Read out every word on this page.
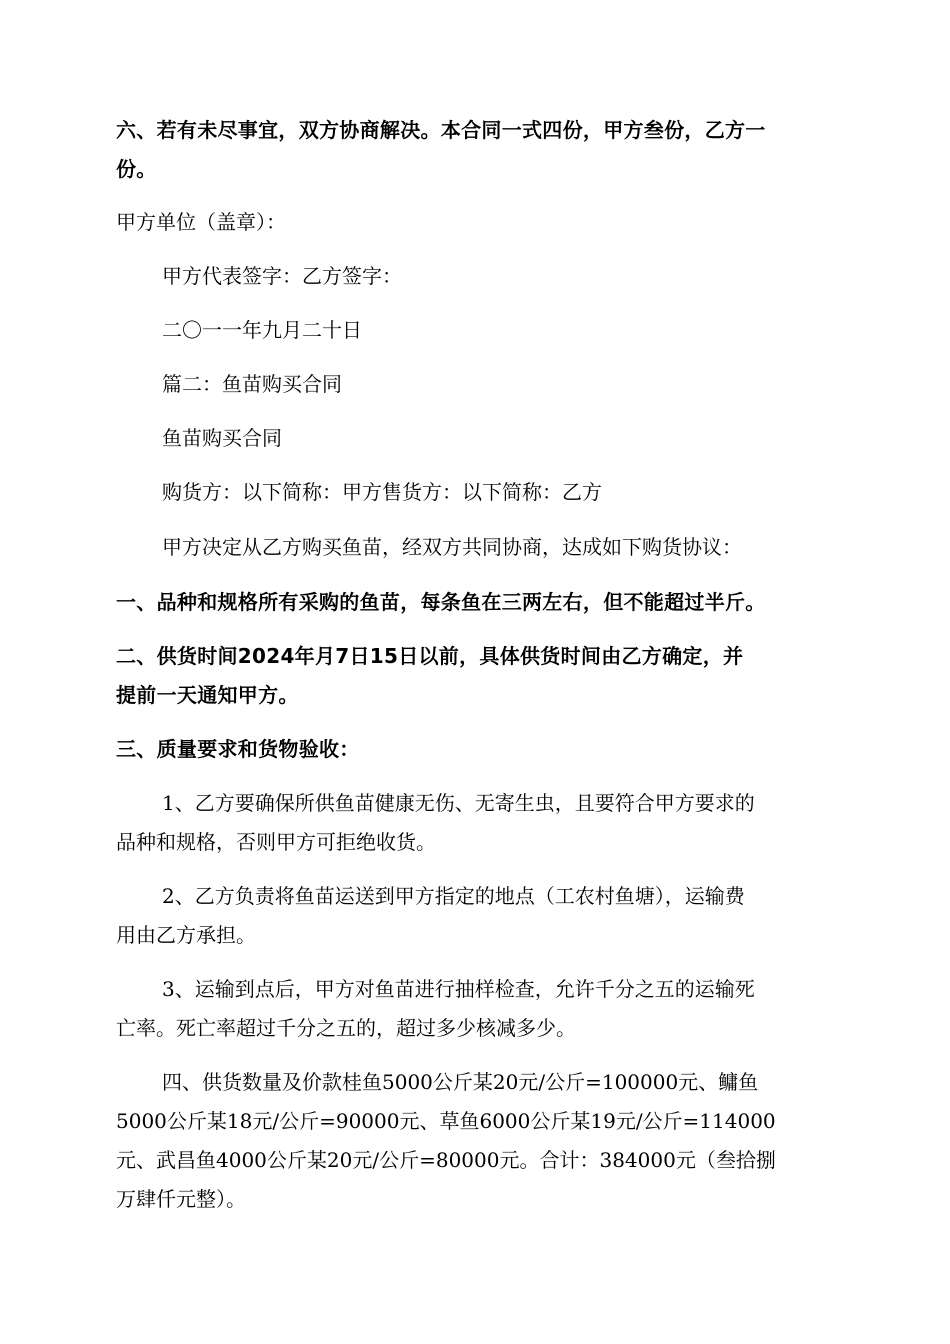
六、若有未尽事宜，双方协商解决。本合同一式四份，甲方叁份，乙方一
份。
甲方单位（盖章）：
甲方代表签字：乙方签字：
二〇一一年九月二十日
篇二：鱼苗购买合同
鱼苗购买合同
购货方：以下简称：甲方售货方：以下简称：乙方
甲方决定从乙方购买鱼苗，经双方共同协商，达成如下购货协议：
一、品种和规格所有采购的鱼苗，每条鱼在三两左右，但不能超过半斤。
二、供货时间2024年月7日15日以前，具体供货时间由乙方确定，并
提前一天通知甲方。
三、质量要求和货物验收：
1、乙方要确保所供鱼苗健康无伤、无寄生虫，且要符合甲方要求的
品种和规格，否则甲方可拒绝收货。
2、乙方负责将鱼苗运送到甲方指定的地点（工农村鱼塘），运输费
用由乙方承担。
3、运输到点后，甲方对鱼苗进行抽样检查，允许千分之五的运输死
亡率。死亡率超过千分之五的，超过多少核减多少。
四、供货数量及价款桂鱼5000公斤某20元/公斤=100000元、鳙鱼
5000公斤某18元/公斤=90000元、草鱼6000公斤某19元/公斤=114000
元、武昌鱼4000公斤某20元/公斤=80000元。合计：384000元（叁拾捌
万肆仟元整）。
